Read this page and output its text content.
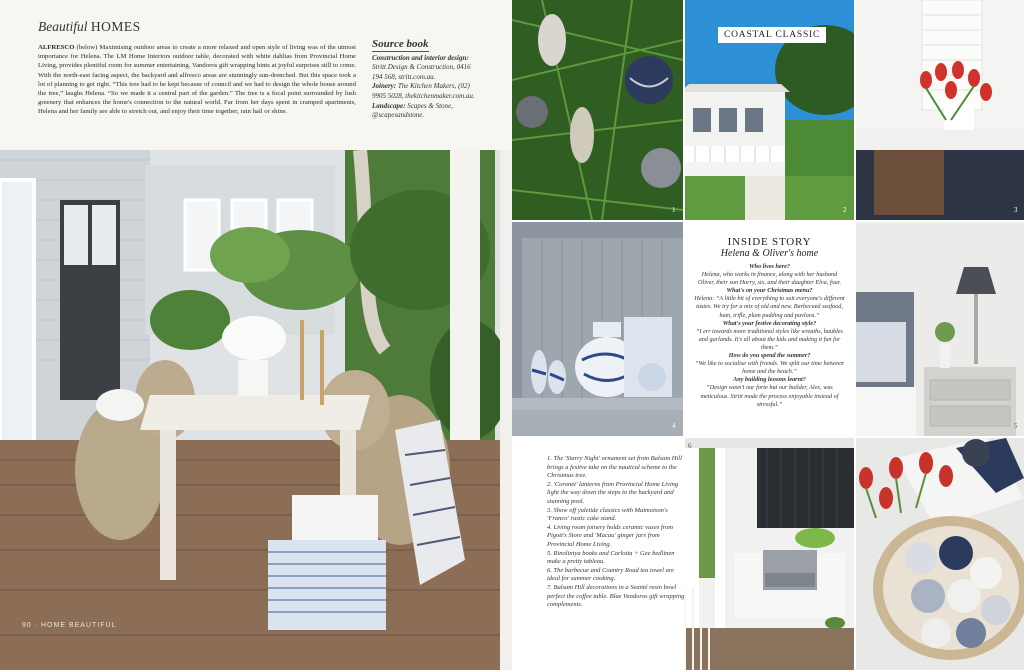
Beautiful HOMES
ALFRESCO (below) Maximising outdoor areas to create a more relaxed and open style of living was of the utmost importance for Helena. The LM Home Interiors outdoor table, decorated with white dahlias from Provincial Home Living, provides plentiful room for summer entertaining. Vandoros gift wrapping hints at joyful surprises still to come. With the north-east facing aspect, the backyard and alfresco areas are stunningly sun-drenched. But this space took a lot of planning to get right. “This tree had to be kept because of council and we had to design the whole house around the tree,” laughs Helena. “So we made it a central part of the garden.” The tree is a focal point surrounded by lush greenery that enhances the home's connection to the natural world. Far from her days spent in cramped apartments, Helena and her family are able to stretch out, and enjoy their time together, rain hail or shine.
Source book
Construction and interior design: Stritt Design & Construction, 0416 194 568, stritt.com.au.
Joinery: The Kitchen Makers, (02) 9905 5028, thekitchenmaker.com.au.
Landscape: Scapes & Stone, @scapesandstone.
90 · HOME BEAUTIFUL
1
COASTAL CLASSIC
2	3
4
INSIDE STORY
Helena & Oliver's home
Who lives here?
Helena, who works in finance, along with her husband Oliver, their son Harry, six, and their daughter Elva, four.
What's on your Christmas menu?
Helena: “A little bit of everything to suit everyone's different tastes. We try for a mix of old and new. Barbecued seafood, ham, trifle, plum pudding and pavlova.”
What's your festive decorating style?
“I err towards more traditional styles like wreaths, baubles and garlands. It's all about the kids and making it fun for them.”
How do you spend the summer?
“We like to socialise with friends. We split our time between home and the beach.”
Any building lessons learnt?
“Design wasn't our forte but our builder, Alex, was meticulous. Stritt made the process enjoyable instead of stressful.”
5

1. The 'Starry Night' ornament set from Balsam Hill brings a festive take on the nautical scheme to the Christmas tree.

2. 'Coronet' lanterns from Provincial Home Living light the way down the steps to the backyard and stunning pool.

3. Show off yuletide classics with Maimoison's 'Franco' rustic cake stand.

4. Living room joinery holds ceramic vases from Pigott's Store and 'Macau' ginger jars from Provincial Home Living.

5. Rinolintya books and Carlotta + Gee bedlinen make a pretty tableau.

6. The barbecue and Country Road tea towel are ideal for summer cooking.

7. Balsam Hill decorations in a Seanté resin bowl perfect the coffee table. Blue Vandoros gift wrapping complements.

6
